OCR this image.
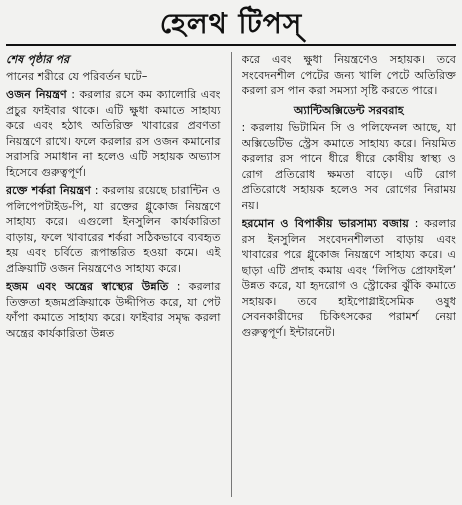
হেলথ টিপস্
শেষ পৃষ্ঠার পর

পানের শরীরে যে পরিবর্তন ঘটে–

ওজন নিয়ন্ত্রণ : করলার রসে কম ক্যালোরি এবং প্রচুর ফাইবার থাকে। এটি ক্ষুধা কমাতে সাহায্য করে এবং হঠাৎ অতিরিক্ত খাবারের প্রবণতা নিয়ন্ত্রণে রাখে। ফলে করলার রস ওজন কমানোর সরাসরি সমাধান না হলেও এটি সহায়ক অভ্যাস হিসেবে গুরুত্বপূর্ণ।

রক্তে শর্করা নিয়ন্ত্রণ : করলায় রয়েছে চারান্টিন ও পলিপেপটাইড-পি, যা রক্তের গ্লুকোজ নিয়ন্ত্রণে সাহায্য করে। এগুলো ইনসুলিন কার্যকারিতা বাড়ায়, ফলে খাবারের শর্করা সঠিকভাবে ব্যবহৃত হয় এবং চর্বিতে রূপান্তরিত হওয়া কমে। এই প্রক্রিয়াটি ওজন নিয়ন্ত্রণেও সাহায্য করে।

হজম এবং অন্ত্রের স্বাস্থ্যের উন্নতি : করলার তিক্ততা হজমপ্রক্রিয়াকে উদ্দীপিত করে, যা পেট ফাঁপা কমাতে সাহায্য করে। ফাইবার সমৃদ্ধ করলা অন্ত্রের কার্যকারিতা উন্নত

করে এবং ক্ষুধা নিয়ন্ত্রণেও সহায়ক। তবে সংবেদনশীল পেটের জন্য খালি পেটে অতিরিক্ত করলা রস পান করা সমস্যা সৃষ্টি করতে পারে।

অ্যান্টিঅক্সিডেন্ট সরবরাহ

: করলায় ভিটামিন সি ও পলিফেনল আছে, যা অক্সিডেটিভ স্ট্রেস কমাতে সাহায্য করে। নিয়মিত করলার রস পানে ধীরে ধীরে কোষীয় স্বাস্থ্য ও রোগ প্রতিরোধ ক্ষমতা বাড়ে। এটি রোগ প্রতিরোধে সহায়ক হলেও সব রোগের নিরাময় নয়।

হরমোন ও বিপাকীয় ভারসাম্য বজায় : করলার রস ইনসুলিন সংবেদনশীলতা বাড়ায় এবং খাবারের পরে গ্লুকোজ নিয়ন্ত্রণে সাহায্য করে। এ ছাড়া এটি প্রদাহ কমায় এবং ‘লিপিড প্রোফাইল’ উন্নত করে, যা হৃদরোগ ও স্ট্রোকের ঝুঁকি কমাতে সহায়ক। তবে হাইপোগ্লাইসেমিক ওষুধ সেবনকারীদের চিকিৎসকের পরামর্শ নেয়া গুরুত্বপূর্ণ। ইন্টারনেট।
